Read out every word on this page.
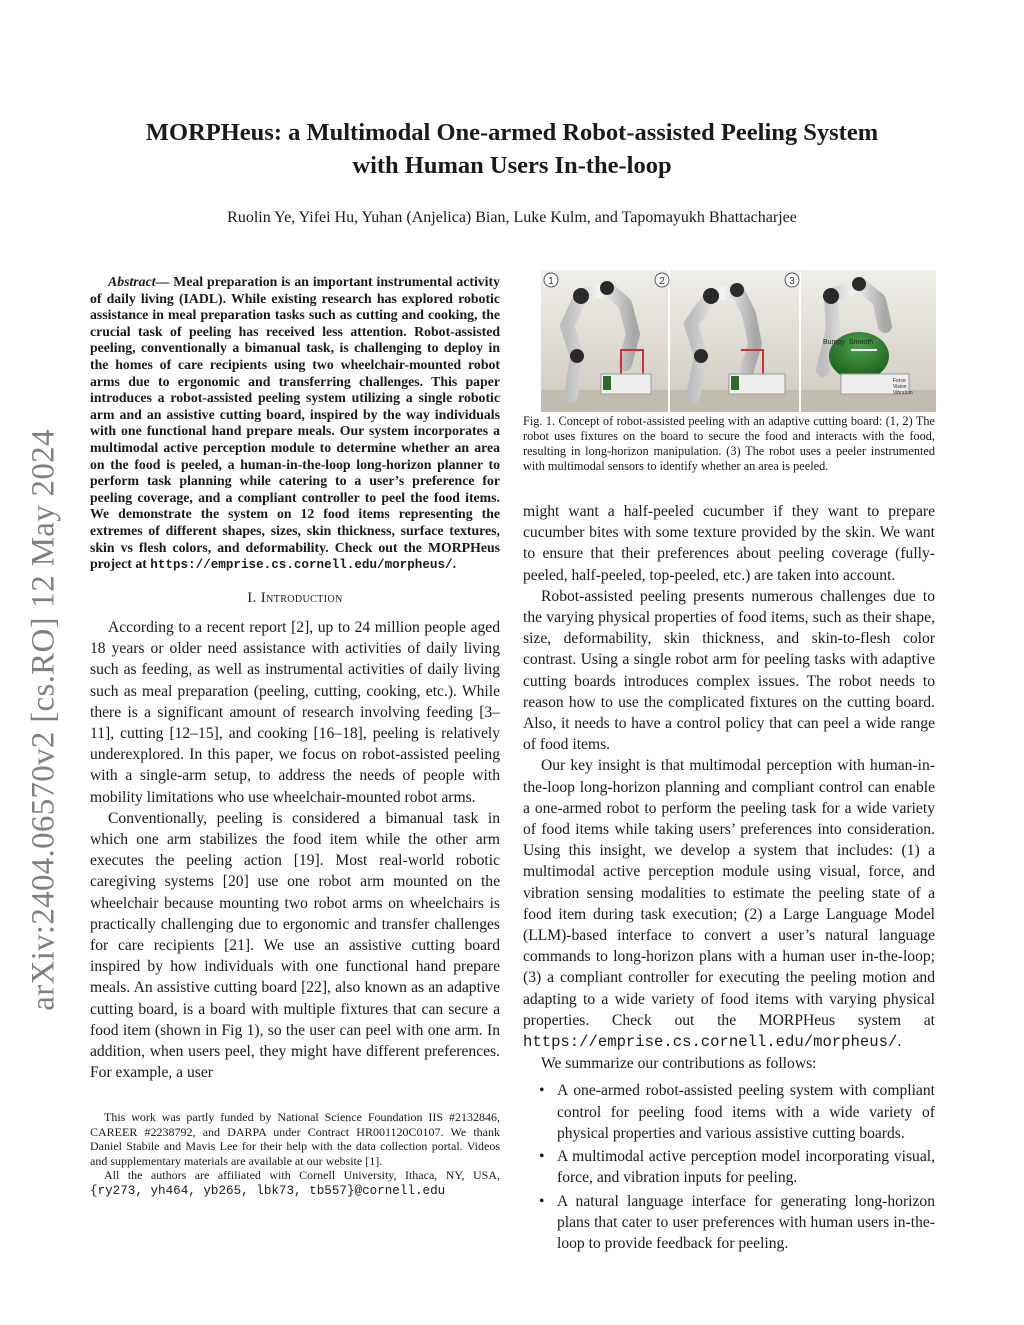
arXiv:2404.06570v2 [cs.RO] 12 May 2024
MORPHeus: a Multimodal One-armed Robot-assisted Peeling System
with Human Users In-the-loop
Ruolin Ye, Yifei Hu, Yuhan (Anjelica) Bian, Luke Kulm, and Tapomayukh Bhattacharjee

Abstract— Meal preparation is an important instrumental activity of daily living (IADL). While existing research has explored robotic assistance in meal preparation tasks such as cutting and cooking, the crucial task of peeling has received less attention. Robot-assisted peeling, conventionally a bimanual task, is challenging to deploy in the homes of care recipients using two wheelchair-mounted robot arms due to ergonomic and transferring challenges. This paper introduces a robot-assisted peeling system utilizing a single robotic arm and an assistive cutting board, inspired by the way individuals with one functional hand prepare meals. Our system incorporates a multimodal active perception module to determine whether an area on the food is peeled, a human-in-the-loop long-horizon planner to perform task planning while catering to a user’s preference for peeling coverage, and a compliant controller to peel the food items. We demonstrate the system on 12 food items representing the extremes of different shapes, sizes, skin thickness, surface textures, skin vs flesh colors, and deformability. Check out the MORPHeus project at https://emprise.cs.cornell.edu/morpheus/.

I. Introduction

According to a recent report [2], up to 24 million people aged 18 years or older need assistance with activities of daily living such as feeding, as well as instrumental activities of daily living such as meal preparation (peeling, cutting, cooking, etc.). While there is a significant amount of research involving feeding [3–11], cutting [12–15], and cooking [16–18], peeling is relatively underexplored. In this paper, we focus on robot-assisted peeling with a single-arm setup, to address the needs of people with mobility limitations who use wheelchair-mounted robot arms.

Conventionally, peeling is considered a bimanual task in which one arm stabilizes the food item while the other arm executes the peeling action [19]. Most real-world robotic caregiving systems [20] use one robot arm mounted on the wheelchair because mounting two robot arms on wheelchairs is practically challenging due to ergonomic and transfer challenges for care recipients [21]. We use an assistive cutting board inspired by how individuals with one functional hand prepare meals. An assistive cutting board [22], also known as an adaptive cutting board, is a board with multiple fixtures that can secure a food item (shown in Fig 1), so the user can peel with one arm. In addition, when users peel, they might have different preferences. For example, a user

This work was partly funded by National Science Foundation IIS #2132846, CAREER #2238792, and DARPA under Contract HR001120C0107. We thank Daniel Stabile and Mavis Lee for their help with the data collection portal. Videos and supplementary materials are available at our website [1].

All the authors are affiliated with Cornell University, Ithaca, NY, USA, {ry273, yh464, yb265, lbk73, tb557}@cornell.edu

1	2	3
Bumpy Smooth
Force
Vision
Vibration

Fig. 1. Concept of robot-assisted peeling with an adaptive cutting board: (1, 2) The robot uses fixtures on the board to secure the food and interacts with the food, resulting in long-horizon manipulation. (3) The robot uses a peeler instrumented with multimodal sensors to identify whether an area is peeled.

might want a half-peeled cucumber if they want to prepare cucumber bites with some texture provided by the skin. We want to ensure that their preferences about peeling coverage (fully-peeled, half-peeled, top-peeled, etc.) are taken into account.

Robot-assisted peeling presents numerous challenges due to the varying physical properties of food items, such as their shape, size, deformability, skin thickness, and skin-to-flesh color contrast. Using a single robot arm for peeling tasks with adaptive cutting boards introduces complex issues. The robot needs to reason how to use the complicated fixtures on the cutting board. Also, it needs to have a control policy that can peel a wide range of food items.

Our key insight is that multimodal perception with human-in-the-loop long-horizon planning and compliant control can enable a one-armed robot to perform the peeling task for a wide variety of food items while taking users’ preferences into consideration. Using this insight, we develop a system that includes: (1) a multimodal active perception module using visual, force, and vibration sensing modalities to estimate the peeling state of a food item during task execution; (2) a Large Language Model (LLM)-based interface to convert a user’s natural language commands to long-horizon plans with a human user in-the-loop; (3) a compliant controller for executing the peeling motion and adapting to a wide variety of food items with varying physical properties. Check out the MORPHeus system at https://emprise.cs.cornell.edu/morpheus/.

We summarize our contributions as follows:

• A one-armed robot-assisted peeling system with compliant control for peeling food items with a wide variety of physical properties and various assistive cutting boards.
• A multimodal active perception model incorporating visual, force, and vibration inputs for peeling.
• A natural language interface for generating long-horizon plans that cater to user preferences with human users in-the-loop to provide feedback for peeling.
